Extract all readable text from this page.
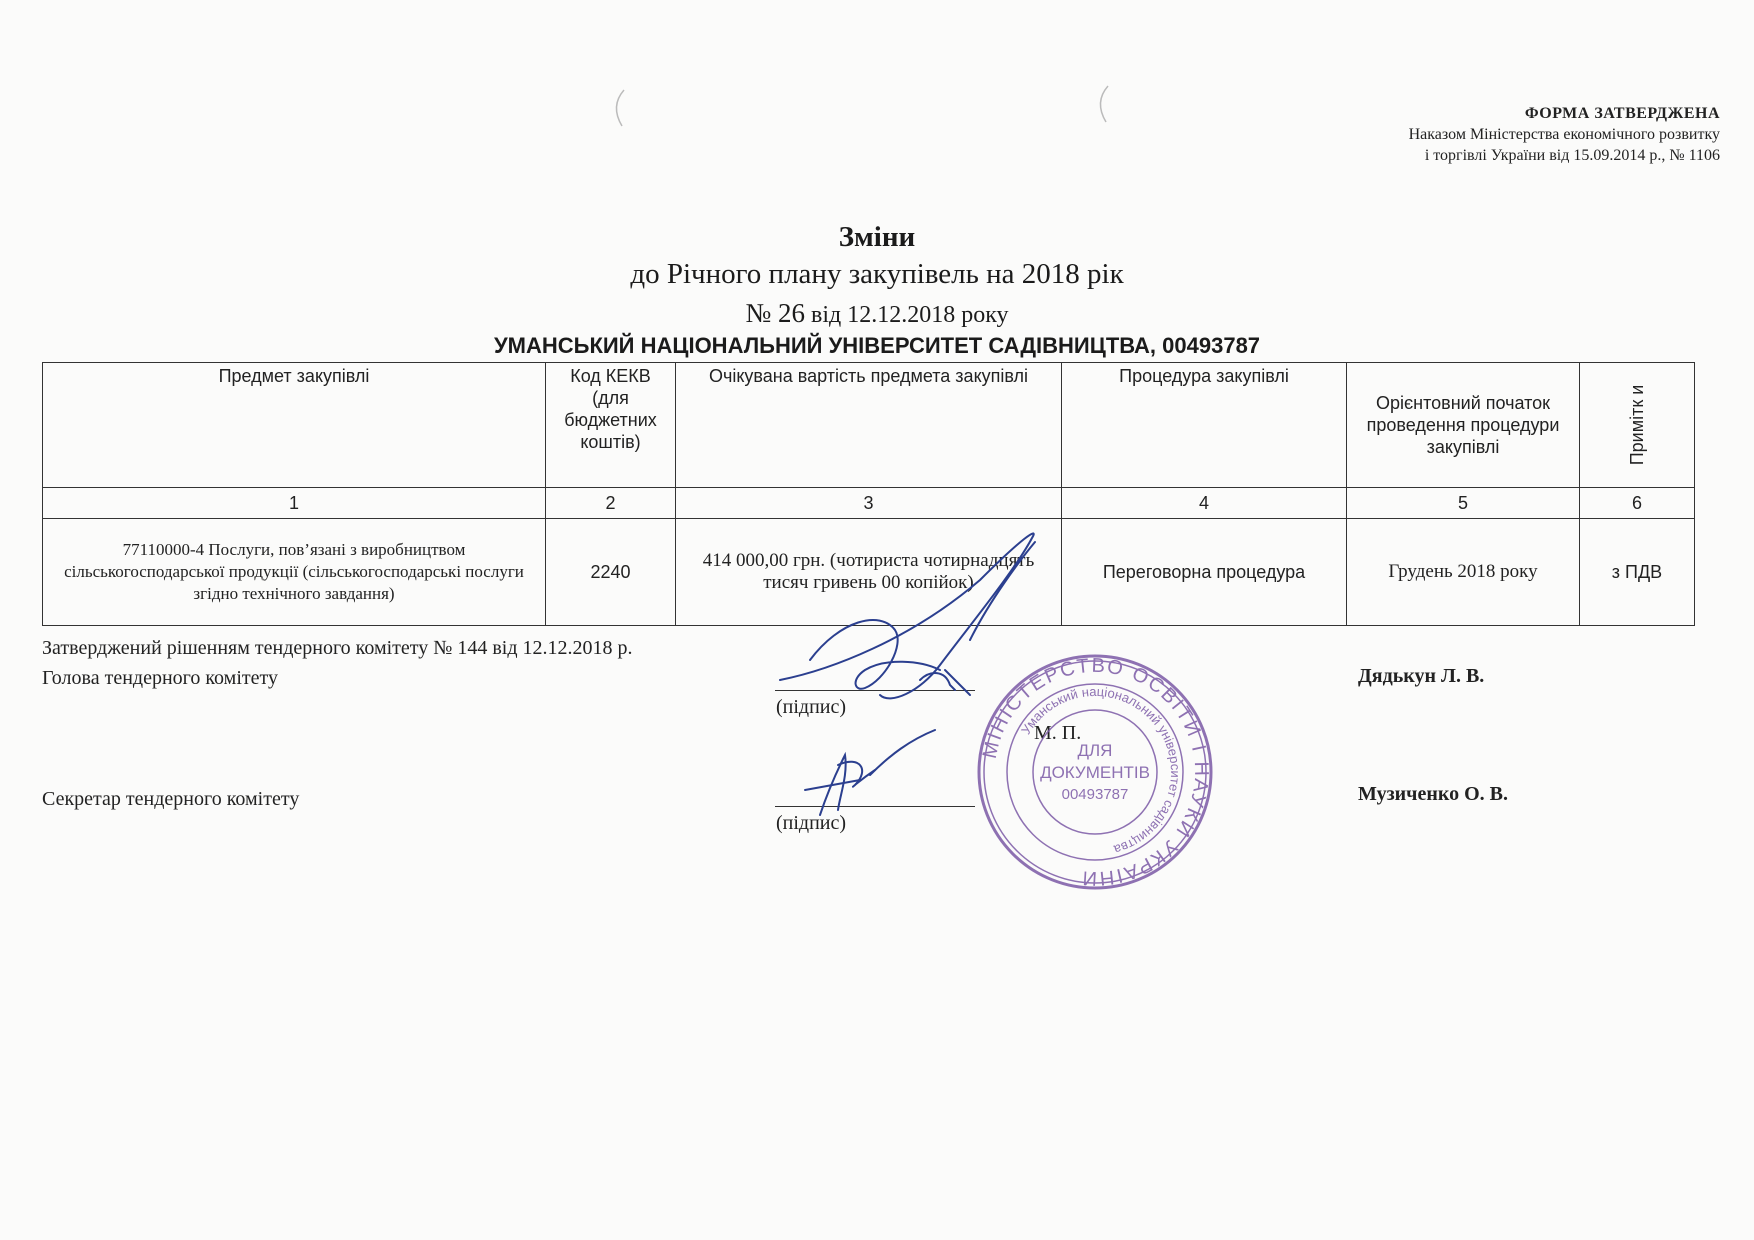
ФОРМА ЗАТВЕРДЖЕНА
Наказом Міністерства економічного розвитку
і торгівлі України від 15.09.2014 р., № 1106
Зміни
до Річного плану закупівель на 2018 рік
№ 26 від 12.12.2018 року
УМАНСЬКИЙ НАЦІОНАЛЬНИЙ УНІВЕРСИТЕТ САДІВНИЦТВА, 00493787
Предмет закупівлі	Код КЕКВ (для бюджетних коштів)	Очікувана вартість предмета закупівлі	Процедура закупівлі	Орієнтовний початок проведення процедури закупівлі	Примітк и

1	2	3	4	5	6
77110000-4 Послуги, пов’язані з виробництвом сільськогосподарської продукції (сільськогосподарські послуги згідно технічного завдання)	2240	414 000,00 грн. (чотириста чотирнадцять тисяч гривень 00 копійок)	Переговорна процедура	Грудень 2018 року	з ПДВ
Затверджений рішенням тендерного комітету № 144 від 12.12.2018 р.
Голова тендерного комітету
(підпис)
Дядькун Л. В.
М. П.
Секретар тендерного комітету
(підпис)
Музиченко О. В.
МІНІСТЕРСТВО ОСВІТИ І НАУКИ УКРАЇНИ
Уманський національний університет садівництва
ДЛЯ
ДОКУМЕНТІВ
00493787
